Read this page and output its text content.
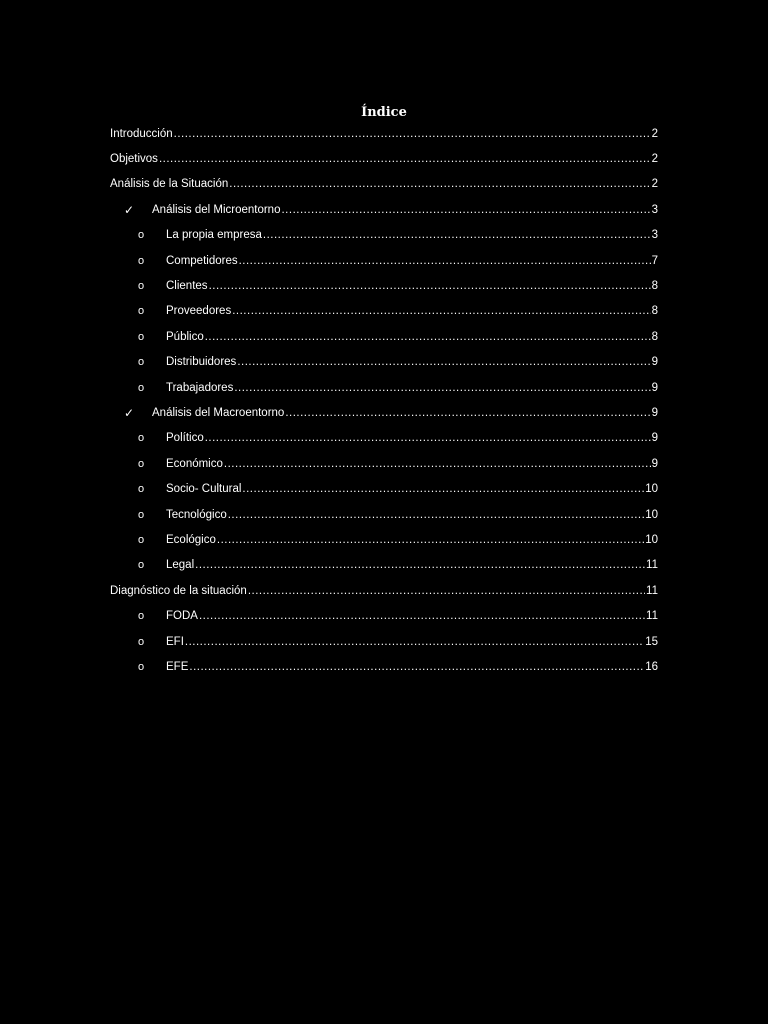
Índice
Introducción .....	2
Objetivos .....	2
Análisis de la Situación .....	2
✓ Análisis del Microentorno .....	3
o La propia empresa .....	3
o Competidores .....	7
o Clientes .....	8
o Proveedores .....	8
o Público .....	8
o Distribuidores .....	9
o Trabajadores .....	9
✓ Análisis del Macroentorno .....	9
o Político .....	9
o Económico .....	9
o Socio- Cultural .....	10
o Tecnológico .....	10
o Ecológico .....	10
o Legal .....	11
Diagnóstico de la situación .....	11
o FODA .....	11
o EFI .....	15
o EFE .....	16
